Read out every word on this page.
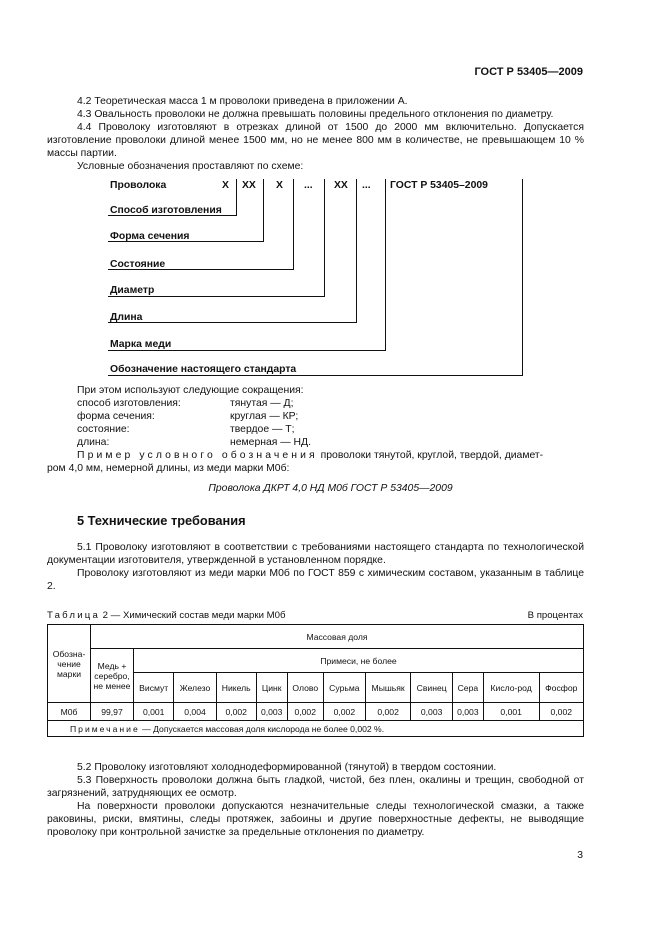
ГОСТ Р 53405—2009
4.2 Теоретическая масса 1 м проволоки приведена в приложении А.
4.3 Овальность проволоки не должна превышать половины предельного отклонения по диаметру.
4.4 Проволоку изготовляют в отрезках длиной от 1500 до 2000 мм включительно. Допускается изготовление проволоки длиной менее 1500 мм, но не менее 800 мм в количестве, не превышающем 10 % массы партии.
Условные обозначения проставляют по схеме:
Проволока	Х ХХ Х ... ХХ ... ГОСТ Р 53405–2009
Способ изготовления
Форма сечения
Состояние
Диаметр
Длина
Марка меди
Обозначение настоящего стандарта
При этом используют следующие сокращения:
способ изготовления:	тянутая — Д;
форма сечения:	круглая — КР;
состояние:	твердое — Т;
длина:	немерная — НД.
Пример условного обозначения проволоки тянутой, круглой, твердой, диамет-
ром 4,0 мм, немерной длины, из меди марки М0б:
Проволока ДКРТ 4,0 НД М0б ГОСТ Р 53405—2009
5 Технические требования
5.1 Проволоку изготовляют в соответствии с требованиями настоящего стандарта по технологической документации изготовителя, утвержденной в установленном порядке.
Проволоку изготовляют из меди марки М0б по ГОСТ 859 с химическим составом, указанным в таблице 2.
Таблица 2 — Химический состав меди марки М0б	В процентах
Обозна-чение марки	Массовая доля											
	Медь + серебро, не менее	Примеси, не более										
		Висмут	Железо	Никель	Цинк	Олово	Сурьма	Мышьяк	Свинец	Сера	Кисло-род	Фосфор
М0б	99,97	0,001	0,004	0,002	0,003	0,002	0,002	0,002	0,003	0,003	0,001	0,002
Примечание — Допускается массовая доля кислорода не более 0,002 %.												
5.2 Проволоку изготовляют холоднодеформированной (тянутой) в твердом состоянии.
5.3 Поверхность проволоки должна быть гладкой, чистой, без плен, окалины и трещин, свободной от загрязнений, затрудняющих ее осмотр.
На поверхности проволоки допускаются незначительные следы технологической смазки, а также раковины, риски, вмятины, следы протяжек, забоины и другие поверхностные дефекты, не выводящие проволоку при контрольной зачистке за предельные отклонения по диаметру.
3
